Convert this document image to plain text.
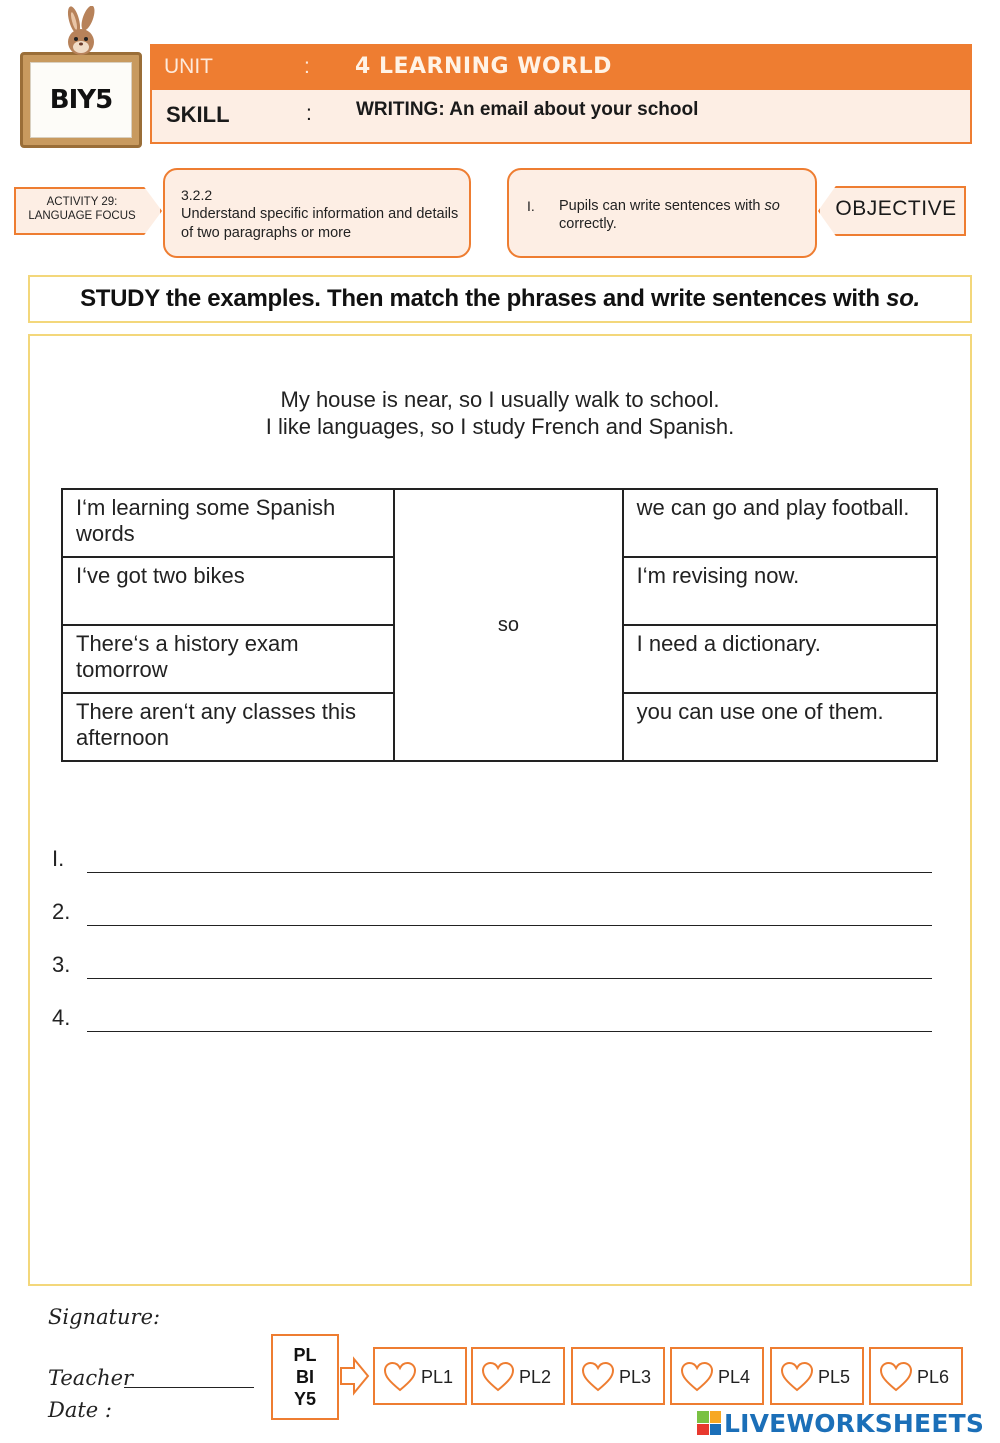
BIY5
UNIT	: 4 LEARNING WORLD
SKILL	: WRITING: An email about your school
ACTIVITY 29:
LANGUAGE FOCUS
3.2.2
Understand specific information and details of two paragraphs or more
I. Pupils can write sentences with so correctly.
OBJECTIVE
STUDY the examples. Then match the phrases and write sentences with so.
My house is near, so I usually walk to school.
I like languages, so I study French and Spanish.
I‘m learning some Spanish words	so	we can go and play football.
I‘ve got two bikes		I‘m revising now.
There‘s a history exam tomorrow		I need a dictionary.
There aren‘t any classes this afternoon		you can use one of them.
I.
2.
3.
4.
Signature:
Teacher
Date :
PL
BI
Y5
PL1	PL2	PL3	PL4	PL5	PL6
LIVEWORKSHEETS
